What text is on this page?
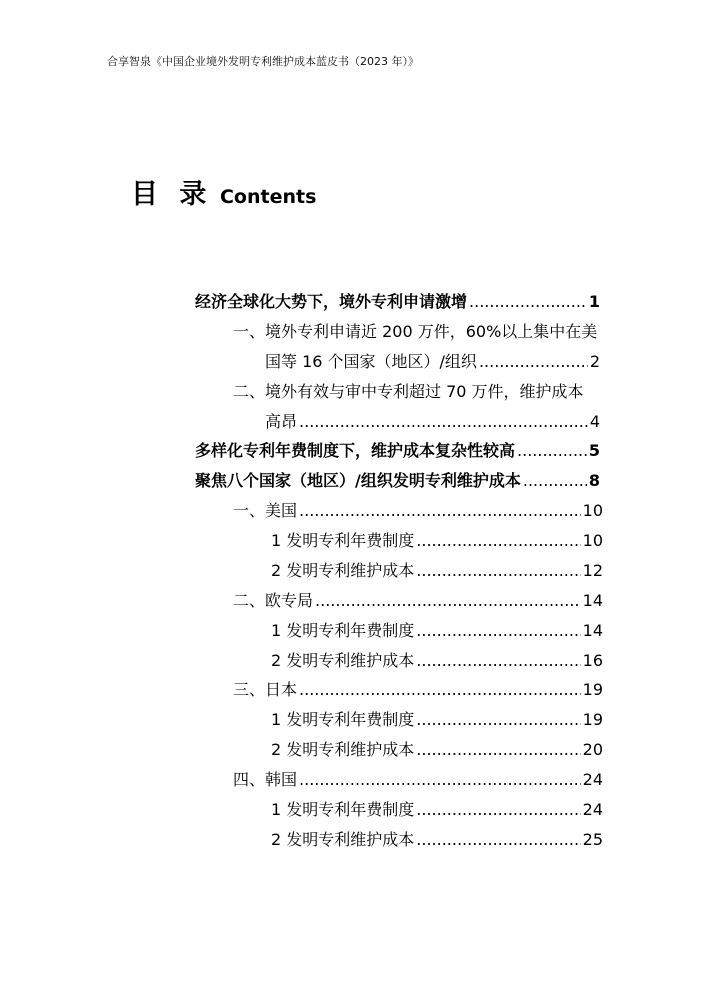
合享智泉《中国企业境外发明专利维护成本蓝皮书（2023 年）》
目 录 Contents
经济全球化大势下，境外专利申请激增 .....	1
一、境外专利申请近 200 万件，60%以上集中在美
国等 16 个国家（地区）/组织 .....	2
二、境外有效与审中专利超过 70 万件，维护成本
高昂 .....	4
多样化专利年费制度下，维护成本复杂性较高 .....	5
聚焦八个国家（地区）/组织发明专利维护成本 .....	8
一、美国 .....	10
1 发明专利年费制度 .....	10
2 发明专利维护成本 .....	12
二、欧专局 .....	14
1 发明专利年费制度 .....	14
2 发明专利维护成本 .....	16
三、日本 .....	19
1 发明专利年费制度 .....	19
2 发明专利维护成本 .....	20
四、韩国 .....	24
1 发明专利年费制度 .....	24
2 发明专利维护成本 .....	25
